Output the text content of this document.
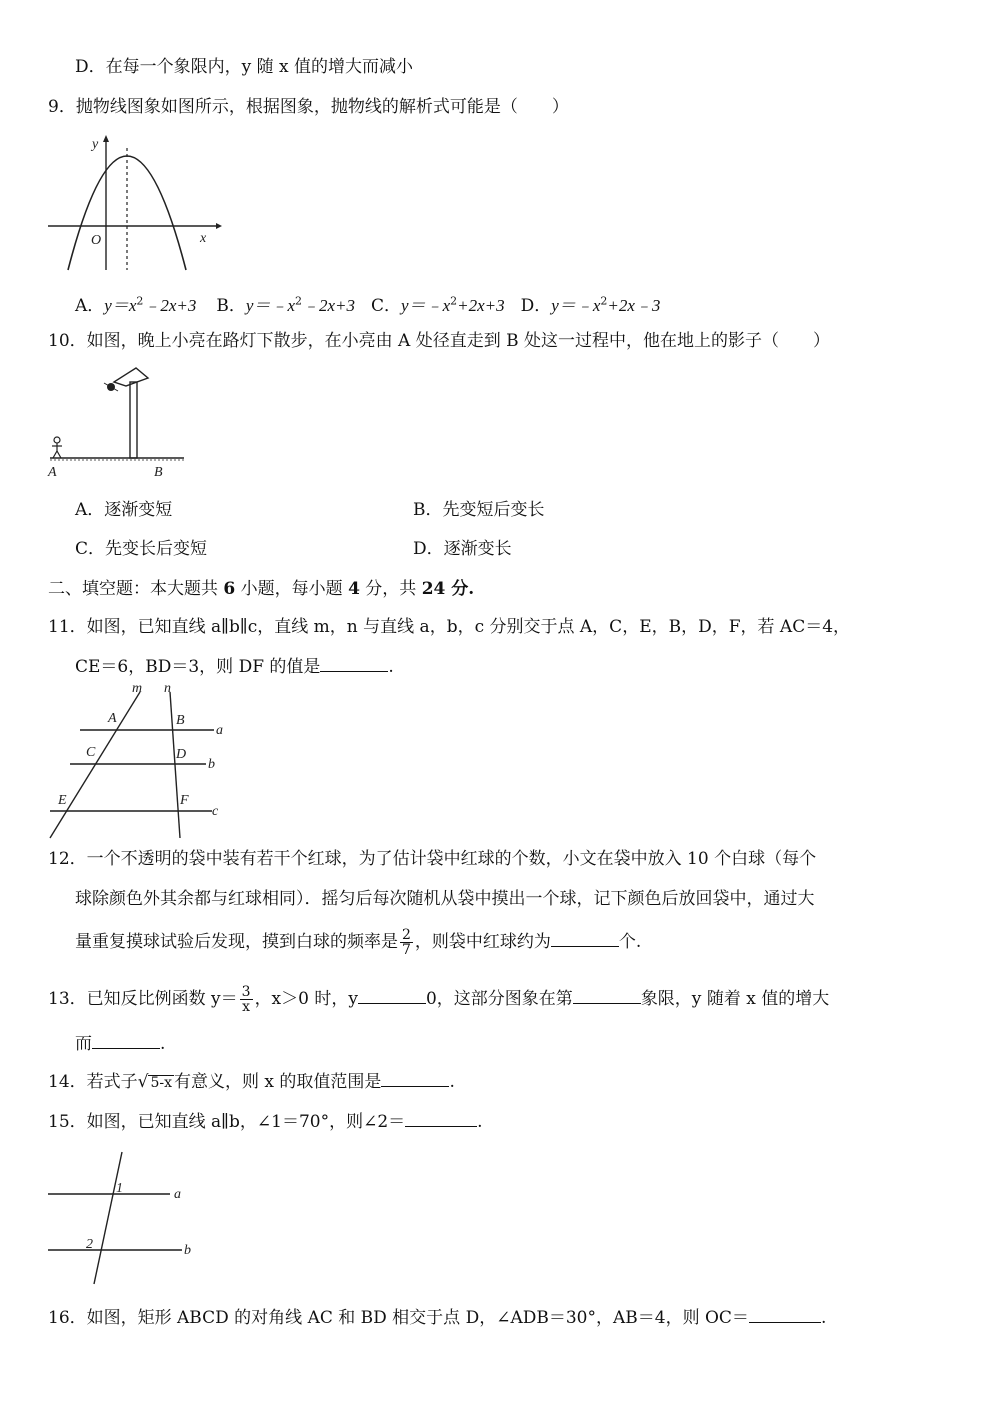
D．在每一个象限内，y 随 x 值的增大而减小
9．抛物线图象如图所示，根据图象，抛物线的解析式可能是（　　）
y
x
O
A．$y=x^2﹣2x+3$ B．$y=﹣x^2﹣2x+3$ C．$y=﹣x^2+2x+3$ D．$y=﹣x^2+2x﹣3$
10．如图，晚上小亮在路灯下散步，在小亮由 A 处径直走到 B 处这一过程中，他在地上的影子（　　）
A	B
A．逐渐变短	B．先变短后变长
C．先变长后变短	D．逐渐变长
二、填空题：本大题共 6 小题，每小题 4 分，共 24 分.
11．如图，已知直线 a∥b∥c，直线 m，n 与直线 a，b，c 分别交于点 A，C，E，B，D，F，若 AC＝4，
CE＝6，BD＝3，则 DF 的值是	.
m n
a
b
c
A	B
C	D
E	F
12．一个不透明的袋中装有若干个红球，为了估计袋中红球的个数，小文在袋中放入 10 个白球（每个
球除颜色外其余都与红球相同）．摇匀后每次随机从袋中摸出一个球，记下颜色后放回袋中，通过大
量重复摸球试验后发现，摸到白球的频率是 $\frac{2}{7}$ ，则袋中红球约为	个.
13．已知反比例函数 $y= \frac{3}{x}$ ，x＞0 时，y	0，这部分图象在第	象限，y 随着 x 值的增大
而	.
14．若式子√ 5-x 有意义，则 x 的取值范围是	.
15．如图，已知直线 a∥b，∠1＝70°，则∠2＝	.
1
2
a
b
16．如图，矩形 ABCD 的对角线 AC 和 BD 相交于点 D，∠ADB＝30°，AB＝4，则 OC＝	.
